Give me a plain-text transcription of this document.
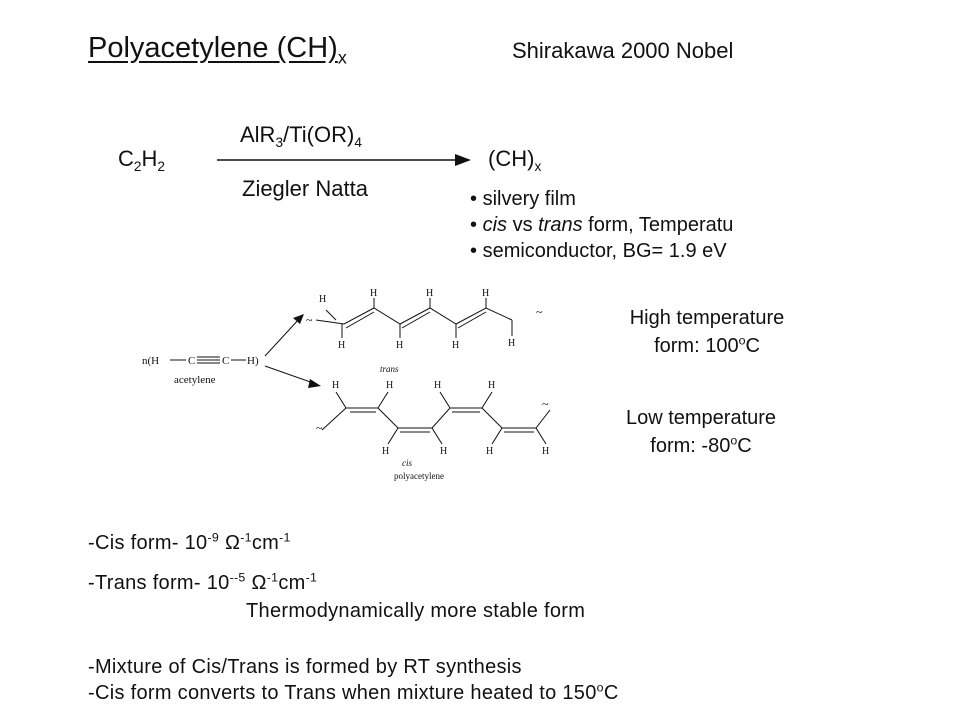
Polyacetylene $(CH)_x$	Shirakawa 2000 Nobel
$C_2H_2$
$AlR_3/Ti(OR)_4$
Ziegler Natta
$(CH)_x$
• silvery film
• cis vs trans form, Temperatu
• semiconductor, BG= 1.9 eV
n(H	C C H)
acetylene
~
~
H
H	H	H
H	H	H	H
trans
~
~
H	H	H	H
H	H	H	H
cis
polyacetylene
High temperature
form: 100$^o$C
Low temperature
form: -80$^o$C
-Cis form- $10^{-9}$ $\Omega^{-1}cm^{-1}$
-Trans form- $10^{--5}$ $\Omega^{-1}cm^{-1}$
Thermodynamically more stable form
-Mixture of Cis/Trans is formed by RT synthesis
-Cis form converts to Trans when mixture heated to 150$^o$C
